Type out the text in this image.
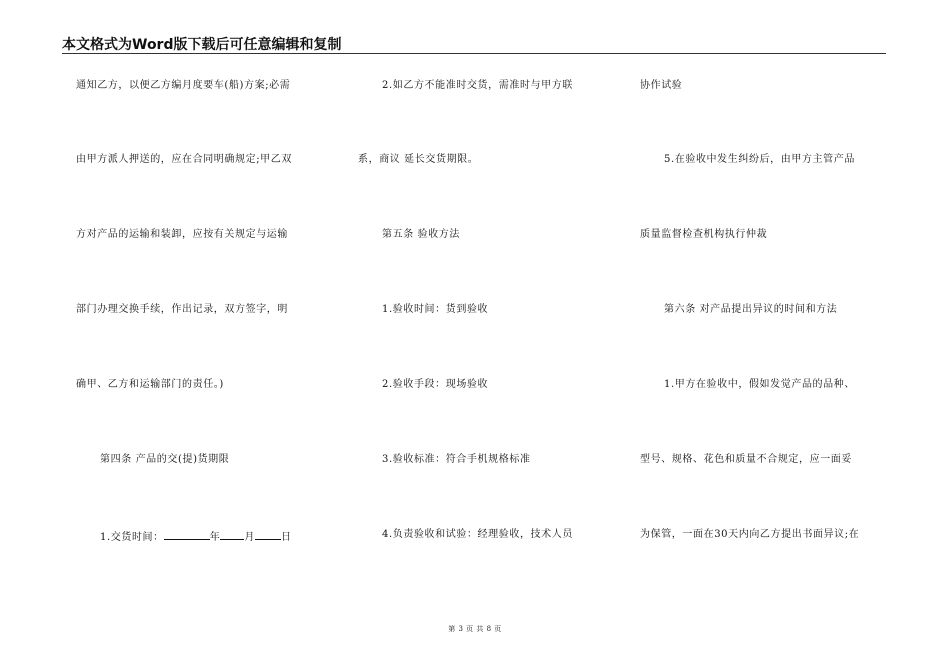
本文格式为Word版下载后可任意编辑和复制
通知乙方，以便乙方编月度要车(船)方案;必需
由甲方派人押送的，应在合同明确规定;甲乙双
方对产品的运输和装卸，应按有关规定与运输
部门办理交换手续，作出记录，双方签字，明
确甲、乙方和运输部门的责任。)
第四条 产品的交(提)货期限
1.交货时间：	年 月	日
2.如乙方不能准时交货，需准时与甲方联
系，商议 延长交货期限。
第五条 验收方法
1.验收时间：货到验收
2.验收手段：现场验收
3.验收标准：符合手机规格标准
4.负责验收和试验：经理验收，技术人员
协作试验
5.在验收中发生纠纷后，由甲方主管产品
质量监督检查机构执行仲裁
第六条 对产品提出异议的时间和方法
1.甲方在验收中，假如发觉产品的品种、
型号、规格、花色和质量不合规定，应一面妥
为保管，一面在30天内向乙方提出书面异议;在
第 3 页 共 8 页
